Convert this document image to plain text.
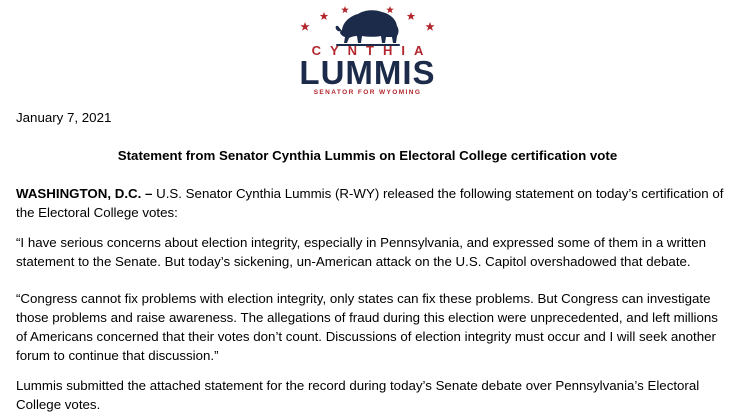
CYNTHIA
LUMMIS
SENATOR FOR WYOMING

January 7, 2021

Statement from Senator Cynthia Lummis on Electoral College certification vote

WASHINGTON, D.C. – U.S. Senator Cynthia Lummis (R-WY) released the following statement on today’s certification of the Electoral College votes:

“I have serious concerns about election integrity, especially in Pennsylvania, and expressed some of them in a written statement to the Senate. But today’s sickening, un-American attack on the U.S. Capitol overshadowed that debate.

“Congress cannot fix problems with election integrity, only states can fix these problems. But Congress can investigate those problems and raise awareness. The allegations of fraud during this election were unprecedented, and left millions of Americans concerned that their votes don’t count. Discussions of election integrity must occur and I will seek another forum to continue that discussion.”

Lummis submitted the attached statement for the record during today’s Senate debate over Pennsylvania’s Electoral College votes.
